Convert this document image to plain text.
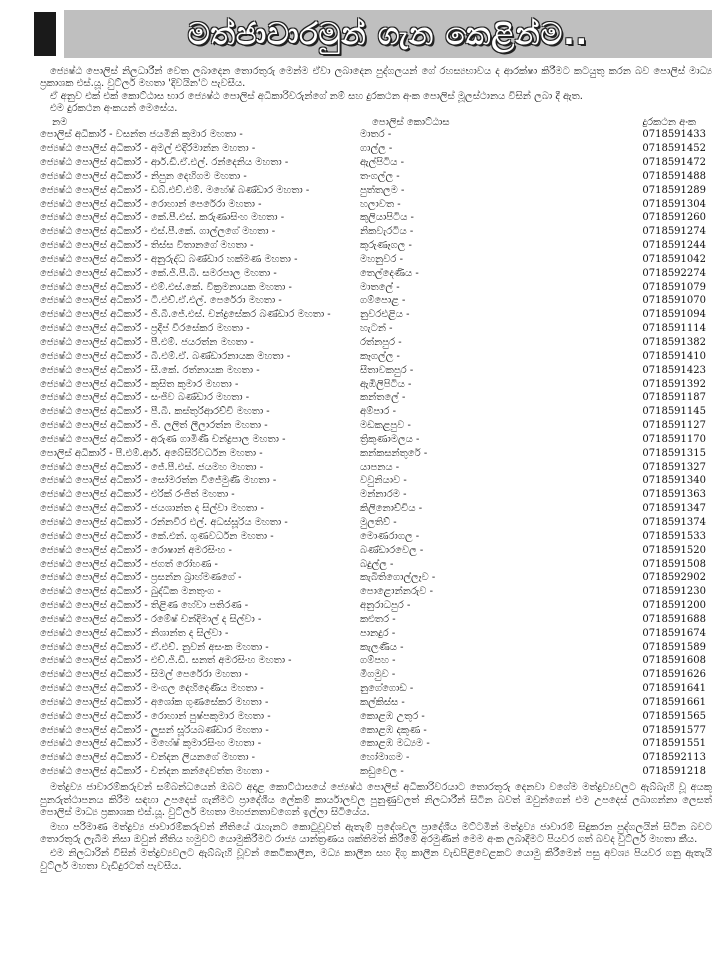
මත්ජාවාරමුන් ගැන කෙළින්ම..

ජ්‍යෙෂ්ඨ පොලිස් නිලධාරීන් වෙත ලබාදෙන තොරතුරු මෙන්ම ඒවා ලබාදෙන පුද්ගලයන් ගේ රහස්‍යභාවය ද ආරක්ෂා කිරීමට කටයුතු කරන බව පොලිස් මාධ්‍ය ප්‍රකාශක එස්.යූ. වුට්ලර් මහතා 'දිවයින'ට පැවසීය.

ඒ අනුව එක් එක් කොට්ඨාස භාර ජ්‍යෙෂ්ඨ පොලිස් අධිකාරිවරුන්ගේ නම් සහ දුරකථන අංක පොලිස් මූලස්ථානය විසින් ලබා දී ඇත.

එම දුරකථන අංකයන් මෙසේය.

නම	පොලිස් කොට්ඨාස	දුරකථන අංක
පොලිස් අධිකාරී - වසන්ත ජයමිනි කුමාර මහතා -	මාතර -	0718591433
ජ්‍යෙෂ්ඨ පොලිස් අධිකාරී - අමල් එදිරිමාන්න මහතා -	ගාල්ල -	0718591452
ජ්‍යෙෂ්ඨ පොලිස් අධිකාරී - ආර්.ඩී.ඒ.එල්. රන්දෙනිය මහතා -	ඇල්පිටිය -	0718591472
ජ්‍යෙෂ්ඨ පොලිස් අධිකාරී - නිපුන දෙහිගම මහතා -	තංගල්ල -	0718591488
ජ්‍යෙෂ්ඨ පොලිස් අධිකාරී - ඩබ්.එච්.එම්. මහේෂ් බණ්ඩාර මහතා -	පුත්තලම -	0718591289
ජ්‍යෙෂ්ඨ පොලිස් අධිකාරී - රොහාන් පෙරේරා මහතා -	හලාවත -	0718591304
ජ්‍යෙෂ්ඨ පොලිස් අධිකාරී - කේ.පී.එස්. කරුණාසිංහ මහතා -	කුලියාපිටිය -	0718591260
ජ්‍යෙෂ්ඨ පොලිස් අධිකාරී - එස්.පී.කේ. ගාල්ලගේ මහතා -	නිකවැරටිය -	0718591274
ජ්‍යෙෂ්ඨ පොලිස් අධිකාරී - තිස්ස විතානගේ මහතා -	කුරුණෑගල -	0718591244
ජ්‍යෙෂ්ඨ පොලිස් අධිකාරී - අනුරුද්ධ බණ්ඩාර හක්මණ මහතා -	මහනුවර -	0718591042
ජ්‍යෙෂ්ඨ පොලිස් අධිකාරී - කේ.ජී.පී.බී. සමරපාල මහතා -	තෙල්දෙණිය -	0718592274
ජ්‍යෙෂ්ඨ පොලිස් අධිකාරී - එම්.එස්.කේ. වික්‍රමනායක මහතා -	මාතලේ -	0718591079
ජ්‍යෙෂ්ඨ පොලිස් අධිකාරී - ටී.එච්.ඒ.එල්. පෙරේරා මහතා -	ගම්පොළ -	0718591070
ජ්‍යෙෂ්ඨ පොලිස් අධිකාරී - ජී.බී.ජේ.එස්. චන්ද්‍රසේකර බණ්ඩාර මහතා -	නුවරඑළිය -	0718591094
ජ්‍යෙෂ්ඨ පොලිස් අධිකාරී - ප්‍රදීප් වීරසේකර මහතා -	හැටන් -	0718591114
ජ්‍යෙෂ්ඨ පොලිස් අධිකාරී - පී.එම්. ජයරත්න මහතා -	රත්නපුර -	0718591382
ජ්‍යෙෂ්ඨ පොලිස් අධිකාරී - බී.එම්.ඒ. බණ්ඩාරනායක මහතා -	කෑගල්ල -	0718591410
ජ්‍යෙෂ්ඨ පොලිස් අධිකාරී - සී.කේ. රත්නායක මහතා -	සීතාවකපුර -	0718591423
ජ්‍යෙෂ්ඨ පොලිස් අධිකාරී - කුසිත කුමාර මහතා -	ඇඹිලිපිටිය -	0718591392
ජ්‍යෙෂ්ඨ පොලිස් අධිකාරී - සංජීව බණ්ඩාර මහතා -	කන්තලේ -	0718591187
ජ්‍යෙෂ්ඨ පොලිස් අධිකාරී - පී.බී. කස්තුරිආරච්චි මහතා -	අම්පාර -	0718591145
ජ්‍යෙෂ්ඨ පොලිස් අධිකාරී - ජී. ලලිත් ලීලාරත්න මහතා -	මඩකළපුව -	0718591127
ජ්‍යෙෂ්ඨ පොලිස් අධිකාරී - අරුණ ගාමිණී චන්ද්‍රපාල මහතා -	ත්‍රිකුණාමලය -	0718591170
පොලිස් අධිකාරී - පී.එම්.ආර්. අබේසිරිවර්ධන මහතා -	කන්කසන්තුරේ -	0718591315
ජ්‍යෙෂ්ඨ පොලිස් අධිකාරී - ජේ.පී.එස්. ජයමහ මහතා -	යාපනය -	0718591327
ජ්‍යෙෂ්ඨ පොලිස් අධිකාරී - සෝමරත්න විජේමුණි මහතා -	වවුනියාව -	0718591340
ජ්‍යෙෂ්ඨ පොලිස් අධිකාරී - එරික් රංජිත් මහතා -	මන්නාරම -	0718591363
ජ්‍යෙෂ්ඨ පොලිස් අධිකාරී - ජයශාන්ත ද සිල්වා මහතා -	කිලිනොච්චිය -	0718591347
ජ්‍යෙෂ්ඨ පොලිස් අධිකාරී - රන්නවීර එල්. අධස්සූරිය මහතා -	මුලතිව් -	0718591374
ජ්‍යෙෂ්ඨ පොලිස් අධිකාරී - කේ.එන්. ගුණවර්ධන මහතා -	මොණරාගල -	0718591533
ජ්‍යෙෂ්ඨ පොලිස් අධිකාරී - රොෂාන් අමරසිංහ -	බණ්ඩාරවෙල -	0718591520
ජ්‍යෙෂ්ඨ පොලිස් අධිකාරී - ජගත් රෝහණ -	බදුල්ල -	0718591508
ජ්‍යෙෂ්ඨ පොලිස් අධිකාරී - ප්‍රසන්න බ්‍රාහ්මණගේ -	කැබිතිගොල්ලෑව -	0718592902
ජ්‍යෙෂ්ඨ පොලිස් අධිකාරී - බුද්ධික මනතුංග -	පොළොන්නරුව -	0718591230
ජ්‍යෙෂ්ඨ පොලිස් අධිකාරී - තිළිණ හේවා පතිරණ -	අනුරාධපුර -	0718591200
ජ්‍යෙෂ්ඨ පොලිස් අධිකාරී - රමේෂ් චන්දිමාල් ද සිල්වා -	කළුතර -	0718591688
ජ්‍යෙෂ්ඨ පොලිස් අධිකාරී - නිශාන්ත ද සිල්වා -	පානදුර -	0718591674
ජ්‍යෙෂ්ඨ පොලිස් අධිකාරී - ඒ.එච්. නුවන් අසංක මහතා -	කැලණිය -	0718591589
ජ්‍යෙෂ්ඨ පොලිස් අධිකාරී - එච්.ජී.ඩී. සනත් අමරසිංහ මහතා -	ගම්පහ -	0718591608
ජ්‍යෙෂ්ඨ පොලිස් අධිකාරී - සිමල් පෙරේරා මහතා -	මීගමුව -	0718591626
ජ්‍යෙෂ්ඨ පොලිස් අධිකාරී - මංගල දෙහිදෙණිය මහතා -	නුගේගොඩ -	0718591641
ජ්‍යෙෂ්ඨ පොලිස් අධිකාරී - අශෝක ගුණසේකර මහතා -	කල්කිස්ස -	0718591661
ජ්‍යෙෂ්ඨ පොලිස් අධිකාරී - රොහාන් පුෂ්පකුමාර මහතා -	කොළඹ උතුර -	0718591565
ජ්‍යෙෂ්ඨ පොලිස් අධිකාරී - ලුසන් සූරියබණ්ඩාර මහතා -	කොළඹ දකුණ -	0718591577
ජ්‍යෙෂ්ඨ පොලිස් අධිකාරී - මහේෂ් කුමාරසිංහ මහතා -	කොළඹ මධ්‍යම -	0718591551
ජ්‍යෙෂ්ඨ පොලිස් අධිකාරී - චන්දන ලියනගේ මහතා -	හෝමාගම -	0718592113
ජ්‍යෙෂ්ඨ පොලිස් අධිකාරී - චන්දන කන්දෙවත්ත මහතා -	කඩුවෙල -	0718591218

මත්ද්‍රව්‍ය ජාවාරම්කරුවන් සම්බන්ධයෙන් ඔබට අදාළ කොට්ඨාසයේ ජ්‍යෙෂ්ඨ පොලිස් අධිකාරිවරයාට තොරතුරු දෙනවා වගේම මත්ද්‍රව්‍යවලට ඇබ්බැහි වූ අයකු පුනරුත්ථාපනය කිරීම සඳහා උපදෙස් ගැනීමට ප්‍රාදේශීය ලේකම් කාර්යාලවල පුනුණුවලත් නිලධාරීන් සිටින බවත් ඔවුන්ගෙන් එම උපදෙස් ලබාගන්නා ලෙසත් පොලිස් මාධ්‍ය ප්‍රකාශක එස්.යූ. වුට්ලර් මහතා මහජනතාවගෙන් ඉල්ලා සිටියේය.

මහා පරිමාණ මත්ද්‍රව්‍ය ජාවාරම්කරුවන් නීතියේ රැහැනට කොටුවූවත් ඇතැම් ප්‍රදේශවල ප්‍රාදේශීය මට්ටමින් මත්ද්‍රව්‍ය ජාවාරම් සිදුකරන පුද්ගලයින් සිටින බවට තොරතුරු ලැබීම නිසා ඔවුන් නීතිය හමුවට යොමුකිරීමට රාජ්‍ය යාන්ත්‍රණය ශක්තිමත් කිරීමේ අරමුණින් මෙම අංක ලබාදීමට පියවර ගත් බවද වුට්ලර් මහතා කීය.

එම නිලධාරින් විසින් මත්ද්‍රව්‍යවලට ඇබ්බැහි වූවන් කෙටිකාලීන, මධ්‍ය කාලීන සහ දිගු කාලීන වැඩපිළිවෙළකට යොමු කිරීමෙන් පසු අවශ්‍ය පියවර ගනු ඇතැයි වුට්ලර් මහතා වැඩිදුරටත් පැවසීය.
